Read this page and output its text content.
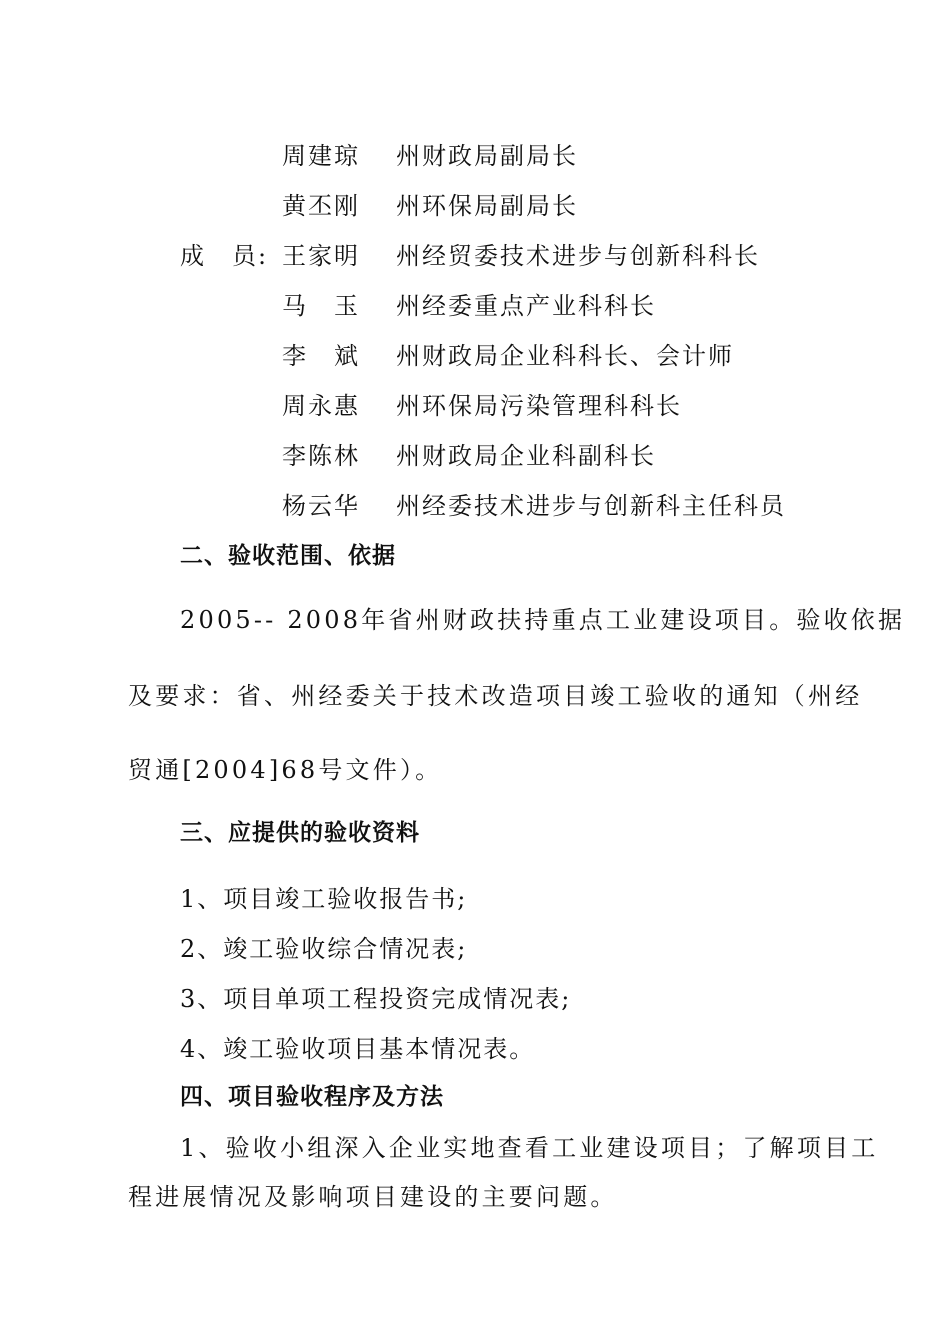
周建琼 州财政局副局长
黄丕刚 州环保局副局长
成　员: 王家明 州经贸委技术进步与创新科科长
马　玉 州经委重点产业科科长
李　斌 州财政局企业科科长、会计师
周永惠 州环保局污染管理科科长
李陈林 州财政局企业科副科长
杨云华 州经委技术进步与创新科主任科员
二、验收范围、依据
2005-- 2008年省州财政扶持重点工业建设项目。验收依据
及要求：省、州经委关于技术改造项目竣工验收的通知（州经
贸通[2004]68号文件）。
三、应提供的验收资料
1、项目竣工验收报告书;
2、竣工验收综合情况表;
3、项目单项工程投资完成情况表;
4、竣工验收项目基本情况表。
四、项目验收程序及方法
1、验收小组深入企业实地查看工业建设项目；了解项目工
程进展情况及影响项目建设的主要问题。
